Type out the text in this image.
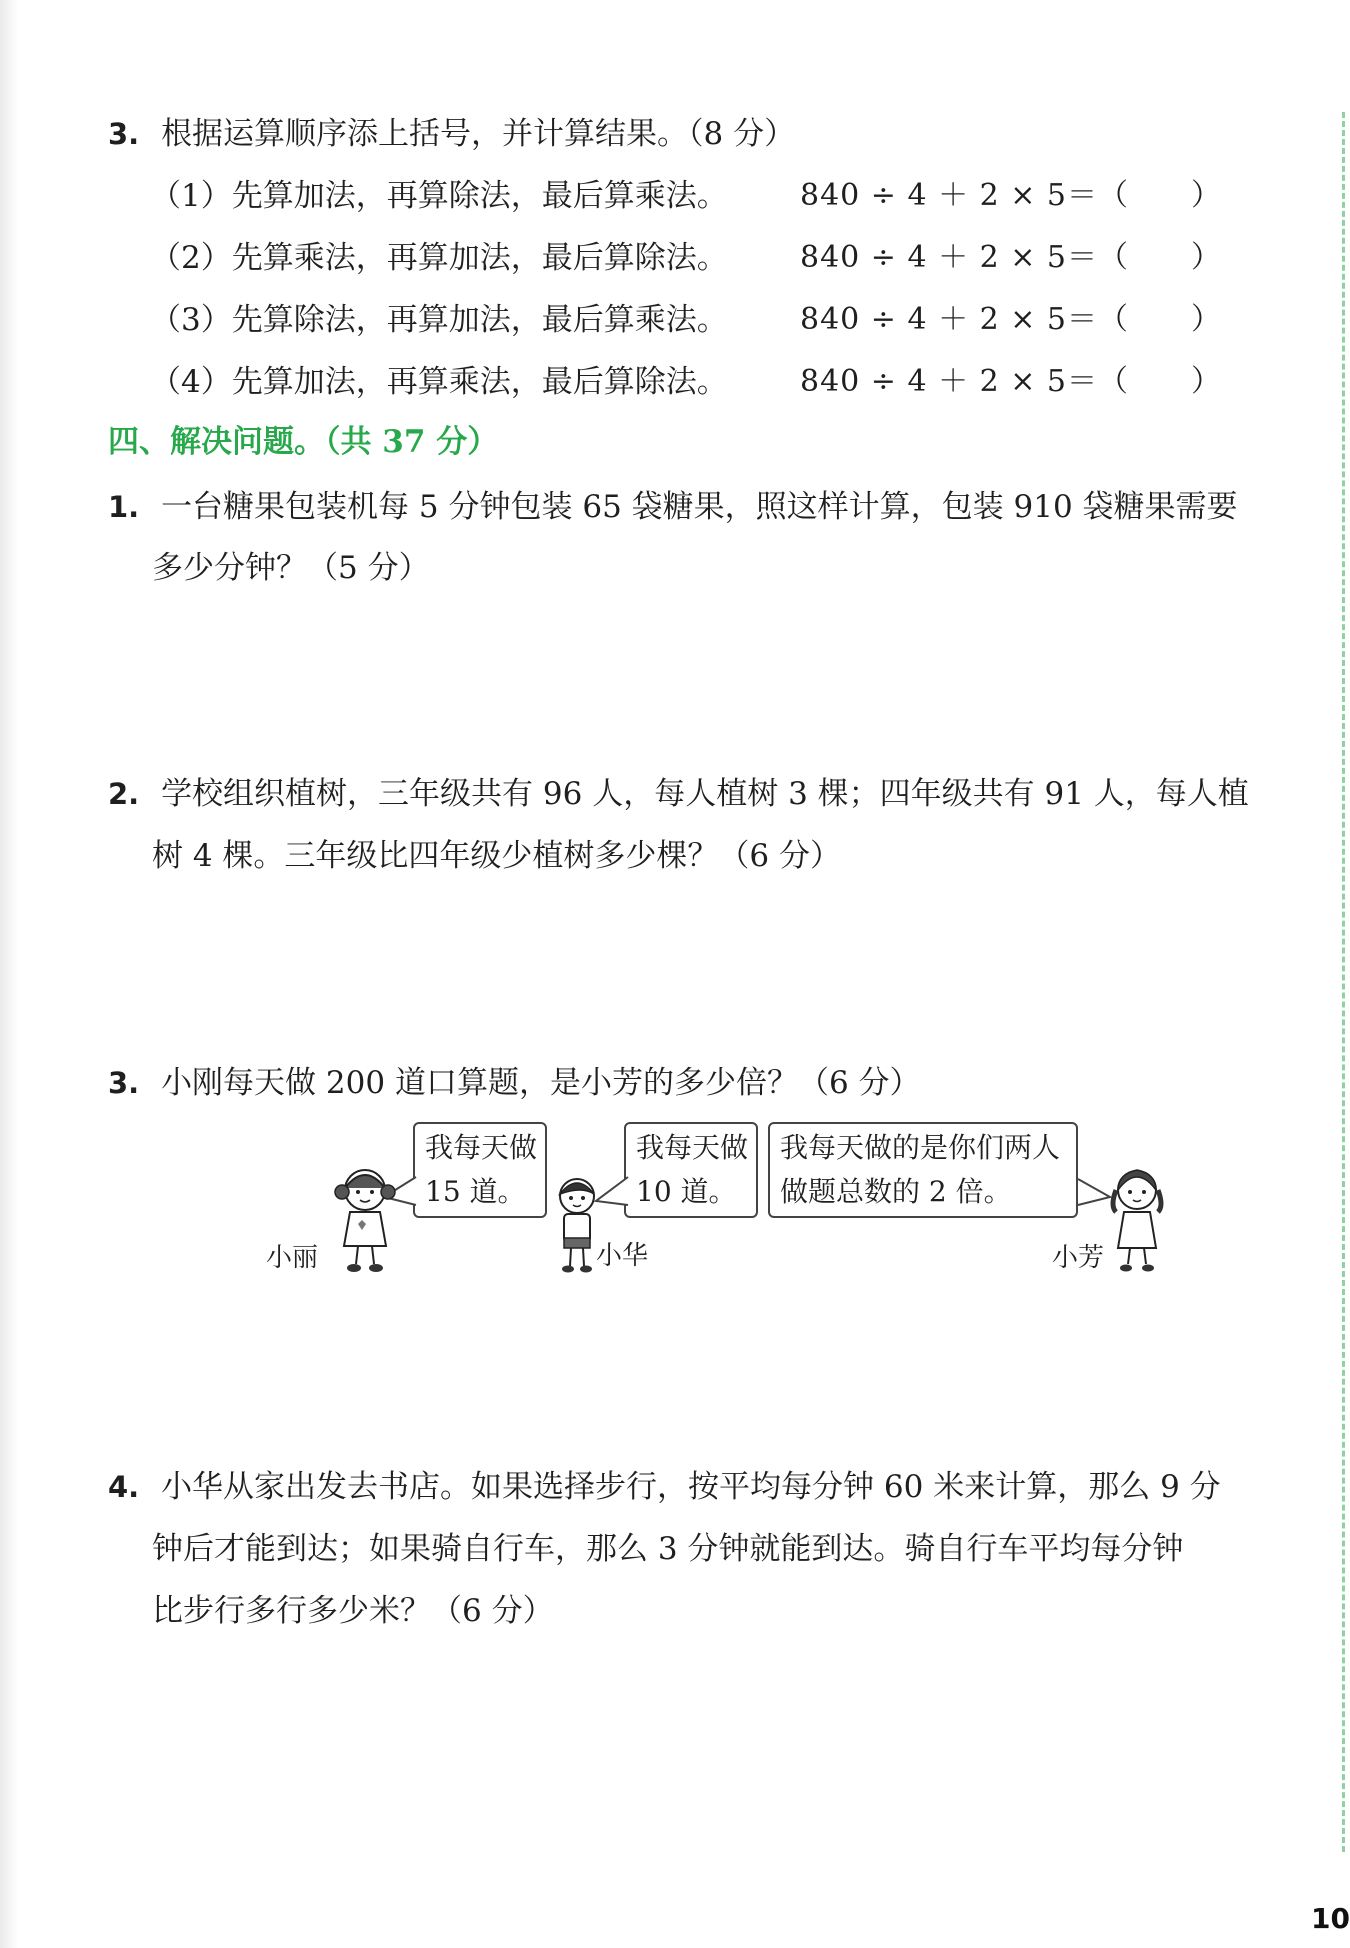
3. 根据运算顺序添上括号，并计算结果。（8 分）
（1）先算加法，再算除法，最后算乘法。 840 ÷ 4 ＋ 2 × 5＝（　　）
（2）先算乘法，再算加法，最后算除法。 840 ÷ 4 ＋ 2 × 5＝（　　）
（3）先算除法，再算加法，最后算乘法。 840 ÷ 4 ＋ 2 × 5＝（　　）
（4）先算加法，再算乘法，最后算除法。 840 ÷ 4 ＋ 2 × 5＝（　　）
四、解决问题。（共 37 分）
1. 一台糖果包装机每 5 分钟包装 65 袋糖果，照这样计算，包装 910 袋糖果需要
多少分钟？（5 分）
2. 学校组织植树，三年级共有 96 人，每人植树 3 棵；四年级共有 91 人，每人植
树 4 棵。三年级比四年级少植树多少棵？（6 分）
3. 小刚每天做 200 道口算题，是小芳的多少倍？（6 分）
我每天做
15 道。
我每天做
10 道。
我每天做的是你们两人
做题总数的 2 倍。
小丽	小华	小芳
4. 小华从家出发去书店。如果选择步行，按平均每分钟 60 米来计算，那么 9 分
钟后才能到达；如果骑自行车，那么 3 分钟就能到达。骑自行车平均每分钟
比步行多行多少米？（6 分）
10
